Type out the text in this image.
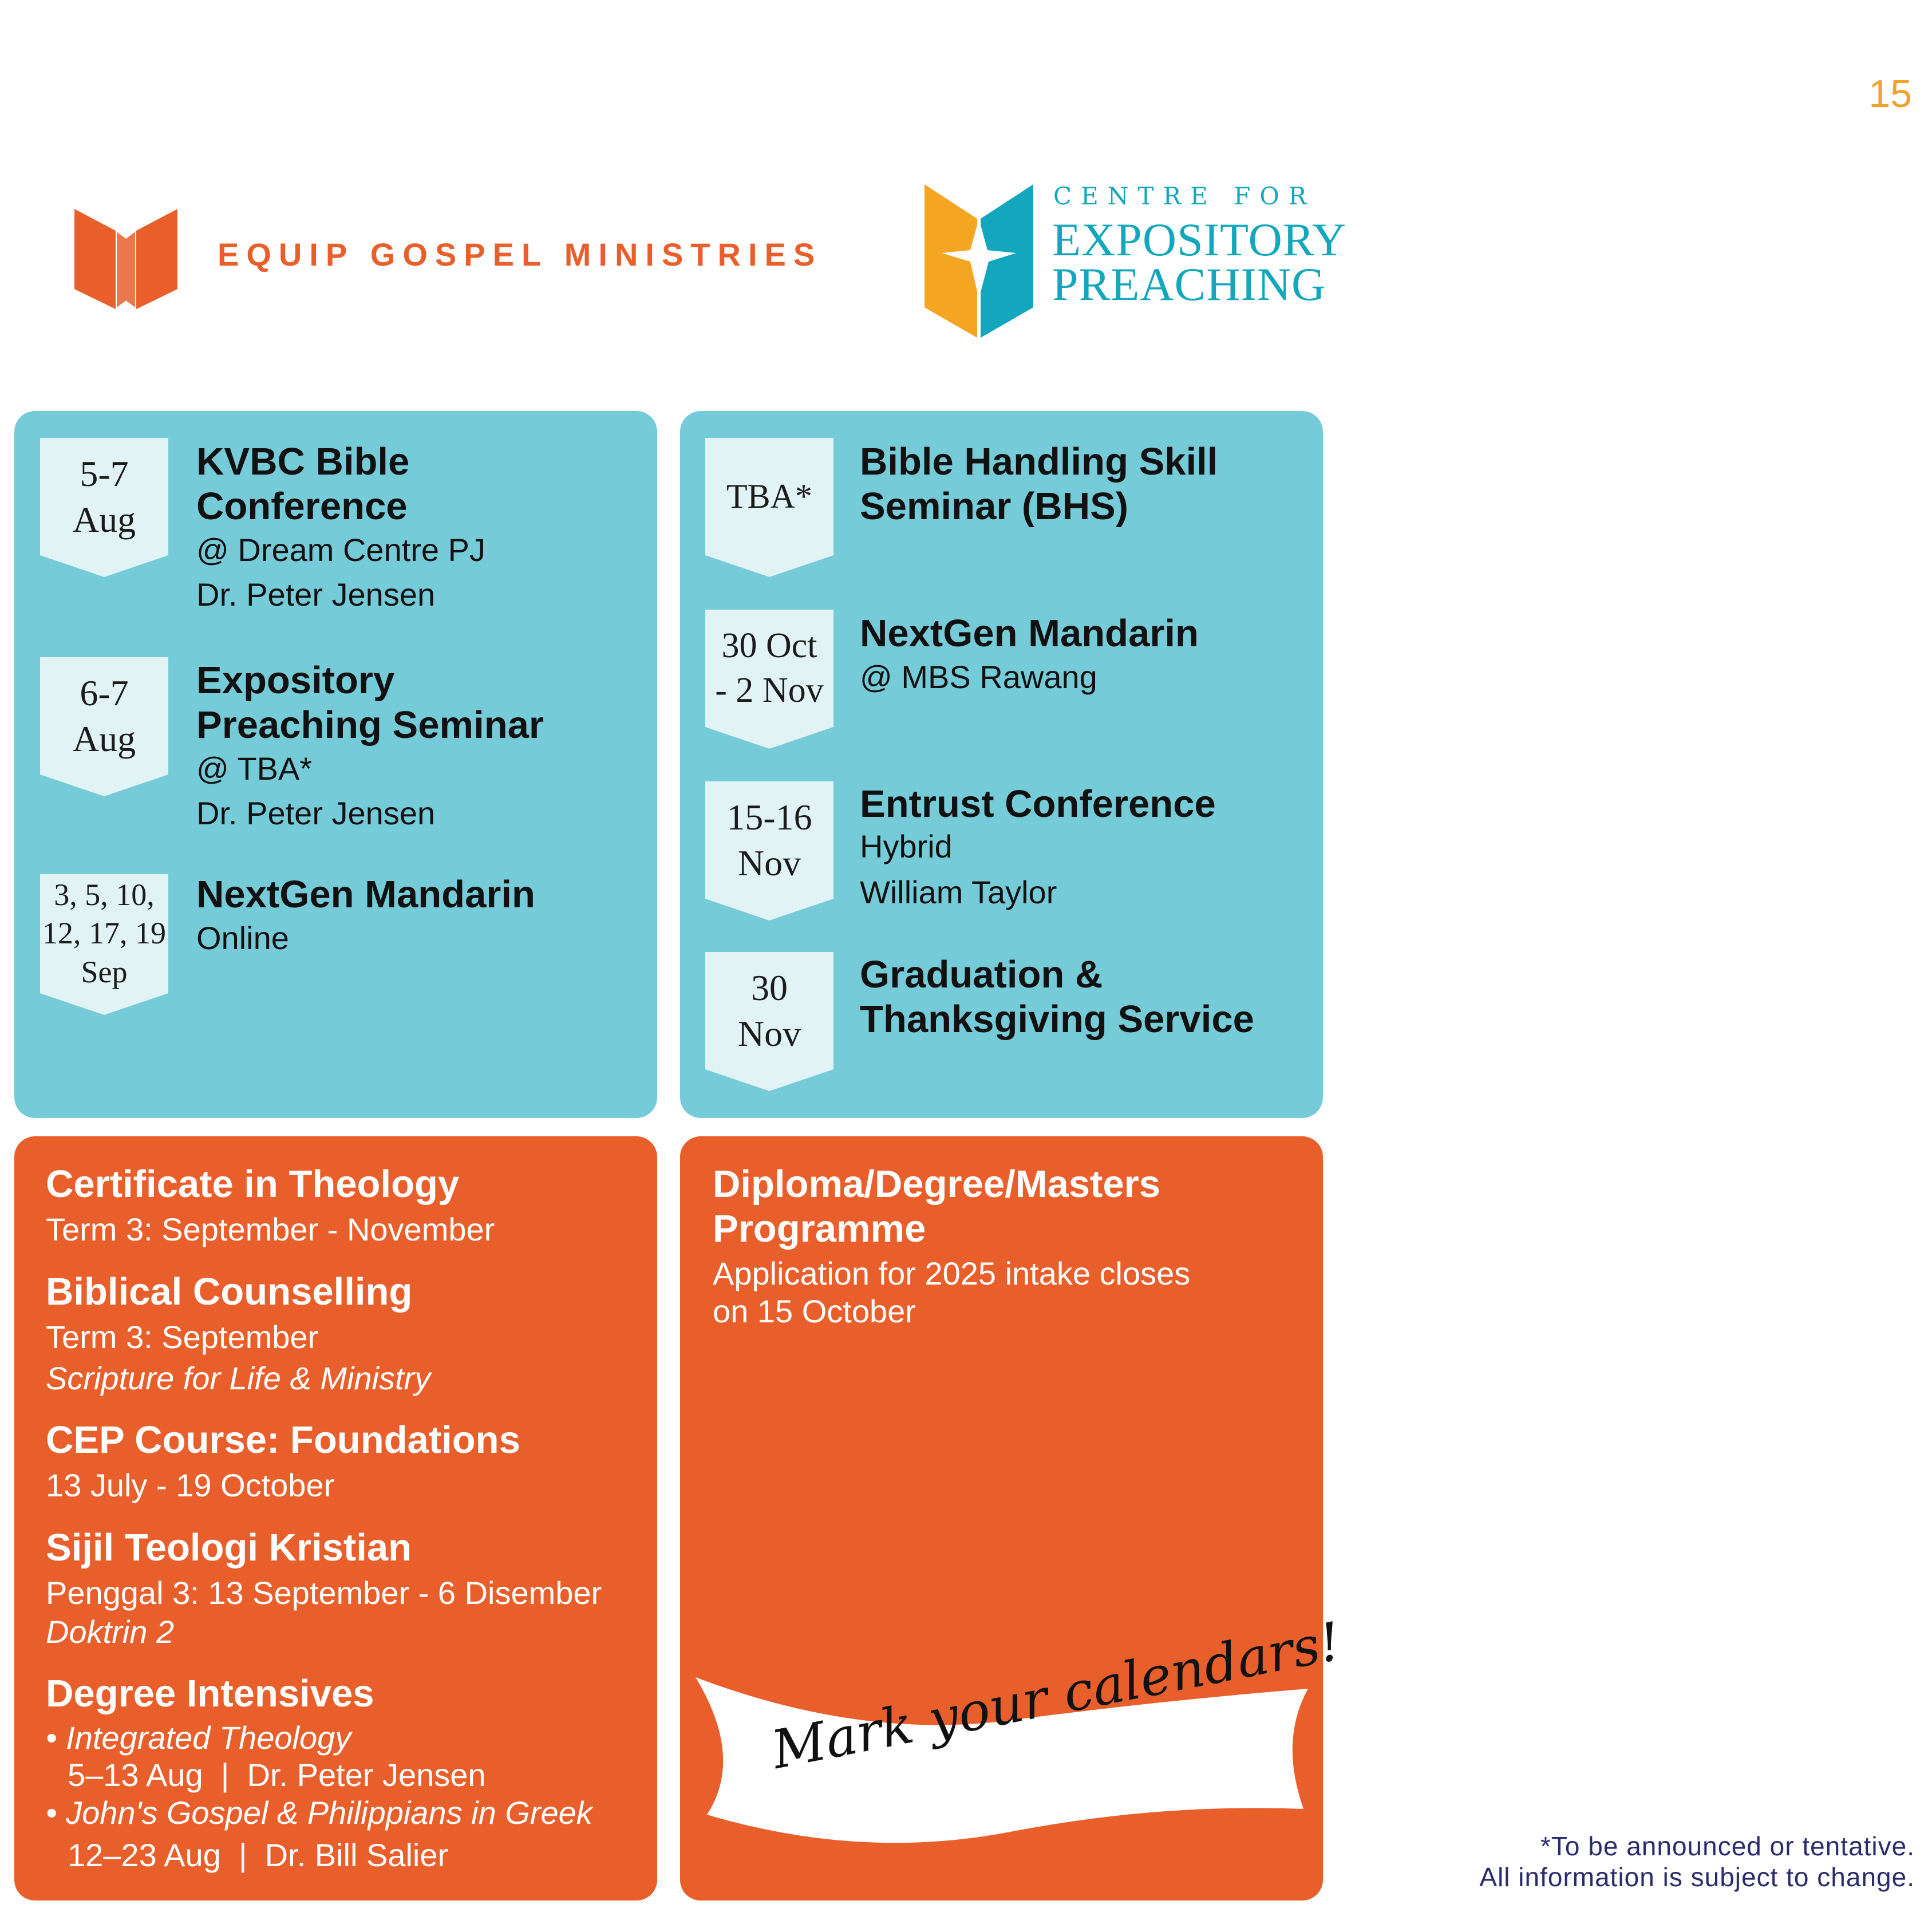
15
EQUIP GOSPEL MINISTRIES
CENTRE FOR
EXPOSITORY
PREACHING
5-7
Aug
KVBC Bible
Conference
@ Dream Centre PJ
Dr. Peter Jensen
6-7
Aug
Expository
Preaching Seminar
@ TBA*
Dr. Peter Jensen
3, 5, 10,
12, 17, 19
Sep
NextGen Mandarin
Online
TBA*
Bible Handling Skill
Seminar (BHS)
30 Oct
- 2 Nov
NextGen Mandarin
@ MBS Rawang
15-16
Nov
Entrust Conference
Hybrid
William Taylor
30
Nov
Graduation &
Thanksgiving Service
Certificate in Theology
Term 3: September - November
Biblical Counselling
Term 3: September
Scripture for Life & Ministry
CEP Course: Foundations
13 July - 19 October
Sijil Teologi Kristian
Penggal 3: 13 September - 6 Disember
Doktrin 2
Degree Intensives
• Integrated Theology
5–13 Aug  |  Dr. Peter Jensen
• John's Gospel & Philippians in Greek
12–23 Aug  |  Dr. Bill Salier
Diploma/Degree/Masters
Programme
Application for 2025 intake closes
on 15 October
Mark your calendars!
*To be announced or tentative.
All information is subject to change.
